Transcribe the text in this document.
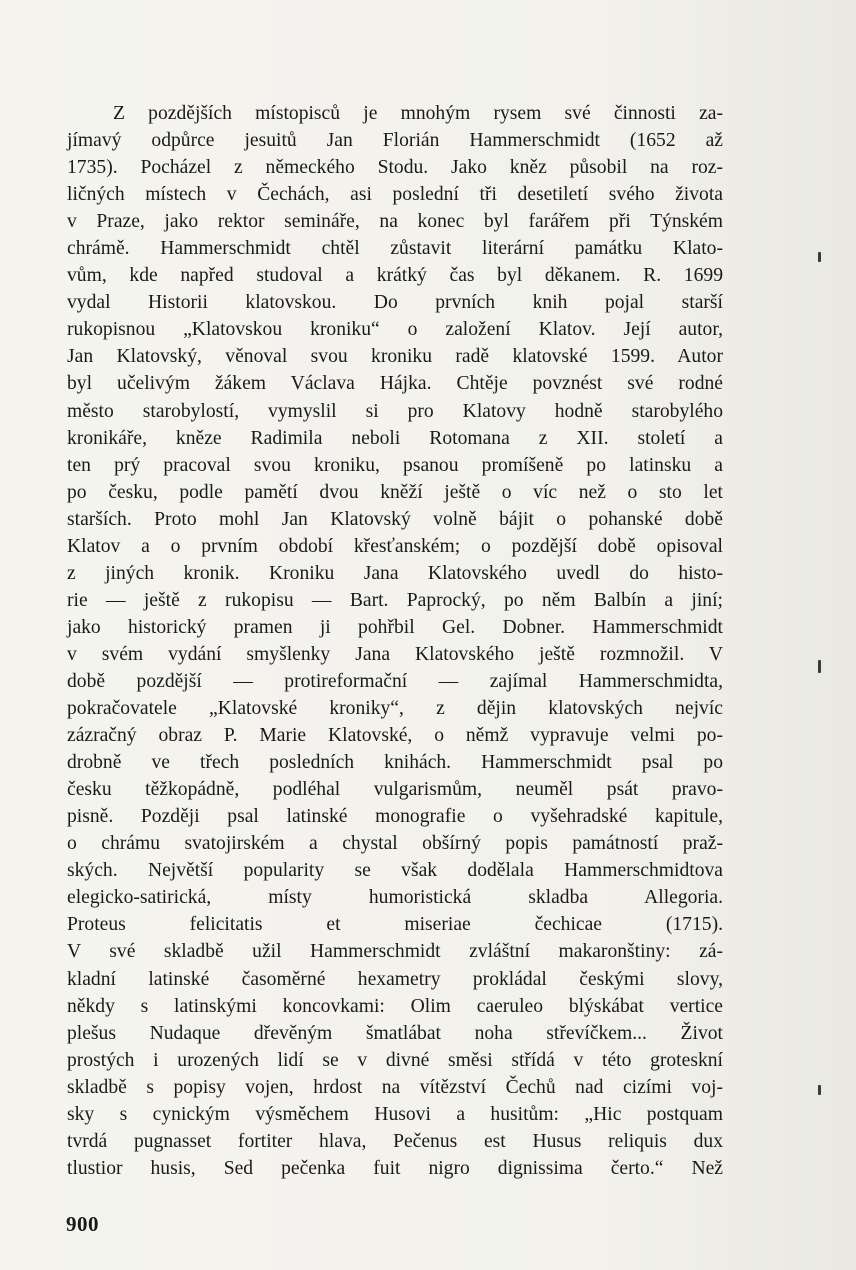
Z pozdějších místopisců je mnohým rysem své činnosti za-
jímavý odpůrce jesuitů Jan Florián Hammerschmidt (1652 až
1735). Pocházel z německého Stodu. Jako kněz působil na roz-
ličných místech v Čechách, asi poslední tři desetiletí svého života
v Praze, jako rektor semináře, na konec byl farářem při Týnském
chrámě. Hammerschmidt chtěl zůstavit literární památku Klato-
vům, kde napřed studoval a krátký čas byl děkanem. R. 1699
vydal Historii klatovskou. Do prvních knih pojal starší
rukopisnou „Klatovskou kroniku“ o založení Klatov. Její autor,
Jan Klatovský, věnoval svou kroniku radě klatovské 1599. Autor
byl učelivým žákem Václava Hájka. Chtěje povznést své rodné
město starobylostí, vymyslil si pro Klatovy hodně starobylého
kronikáře, kněze Radimila neboli Rotomana z XII. století a
ten prý pracoval svou kroniku, psanou promíšeně po latinsku a
po česku, podle pamětí dvou kněží ještě o víc než o sto let
starších. Proto mohl Jan Klatovský volně bájit o pohanské době
Klatov a o prvním období křesťanském; o pozdější době opisoval
z jiných kronik. Kroniku Jana Klatovského uvedl do histo-
rie — ještě z rukopisu — Bart. Paprocký, po něm Balbín a jiní;
jako historický pramen ji pohřbil Gel. Dobner. Hammerschmidt
v svém vydání smyšlenky Jana Klatovského ještě rozmnožil. V
době pozdější — protireformační — zajímal Hammerschmidta,
pokračovatele „Klatovské kroniky“, z dějin klatovských nejvíc
zázračný obraz P. Marie Klatovské, o němž vypravuje velmi po-
drobně ve třech posledních knihách. Hammerschmidt psal po
česku těžkopádně, podléhal vulgarismům, neuměl psát pravo-
pisně. Později psal latinské monografie o vyšehradské kapitule,
o chrámu svatojirském a chystal obšírný popis památností praž-
ských. Největší popularity se však dodělala Hammerschmidtova
elegicko-satirická, místy humoristická skladba Allegoria.
Proteus felicitatis et miseriae čechicae (1715).
V své skladbě užil Hammerschmidt zvláštní makaronštiny: zá-
kladní latinské časoměrné hexametry prokládal českými slovy,
někdy s latinskými koncovkami: Olim caeruleo blýskábat vertice
plešus Nudaque dřevěným šmatlábat noha střevíčkem... Život
prostých i urozených lidí se v divné směsi střídá v této groteskní
skladbě s popisy vojen, hrdost na vítězství Čechů nad cizími voj-
sky s cynickým výsměchem Husovi a husitům: „Hic postquam
tvrdá pugnasset fortiter hlava, Pečenus est Husus reliquis dux
tlustior husis, Sed pečenka fuit nigro dignissima čerto.“ Než
900
